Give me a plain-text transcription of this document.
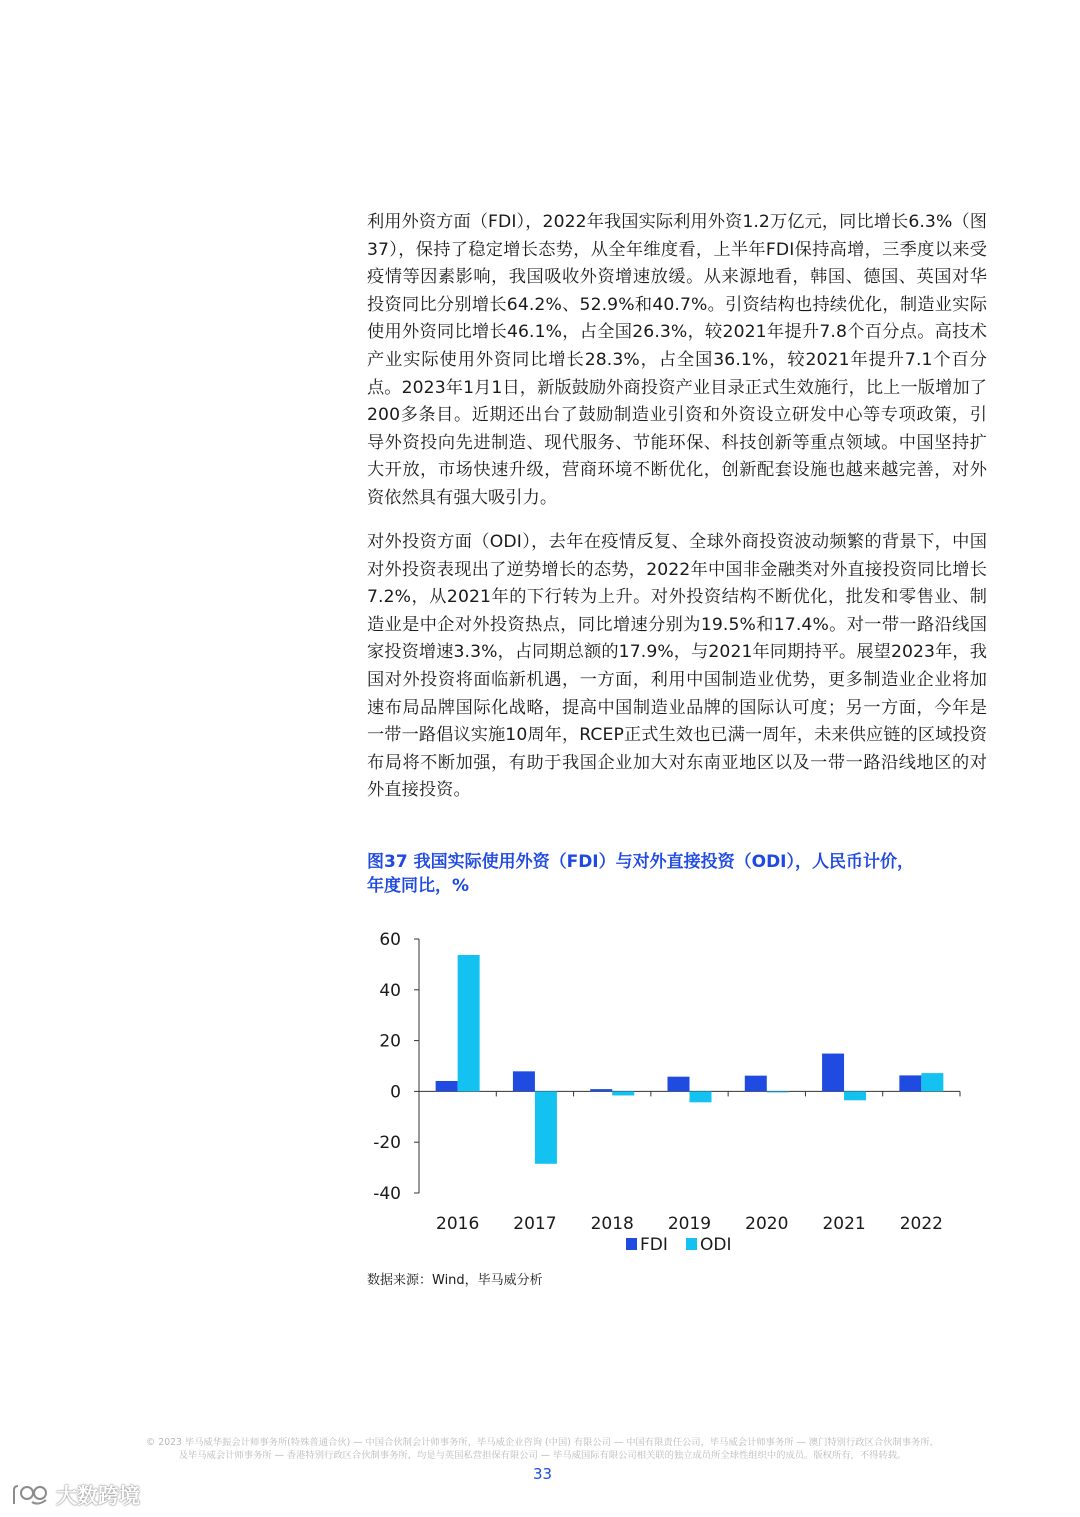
利用外资方面（FDI），2022年我国实际利用外资1.2万亿元，同比增长6.3%（图37），保持了稳定增长态势，从全年维度看，上半年FDI保持高增，三季度以来受疫情等因素影响，我国吸收外资增速放缓。从来源地看，韩国、德国、英国对华投资同比分别增长64.2%、52.9%和40.7%。引资结构也持续优化，制造业实际使用外资同比增长46.1%，占全国26.3%，较2021年提升7.8个百分点。高技术产业实际使用外资同比增长28.3%，占全国36.1%，较2021年提升7.1个百分点。2023年1月1日，新版鼓励外商投资产业目录正式生效施行，比上一版增加了200多条目。近期还出台了鼓励制造业引资和外资设立研发中心等专项政策，引导外资投向先进制造、现代服务、节能环保、科技创新等重点领域。中国坚持扩大开放，市场快速升级，营商环境不断优化，创新配套设施也越来越完善，对外资依然具有强大吸引力。

对外投资方面（ODI），去年在疫情反复、全球外商投资波动频繁的背景下，中国对外投资表现出了逆势增长的态势，2022年中国非金融类对外直接投资同比增长7.2%，从2021年的下行转为上升。对外投资结构不断优化，批发和零售业、制造业是中企对外投资热点，同比增速分别为19.5%和17.4%。对一带一路沿线国家投资增速3.3%，占同期总额的17.9%，与2021年同期持平。展望2023年，我国对外投资将面临新机遇，一方面，利用中国制造业优势，更多制造业企业将加速布局品牌国际化战略，提高中国制造业品牌的国际认可度；另一方面，今年是一带一路倡议实施10周年，RCEP正式生效也已满一周年，未来供应链的区域投资布局将不断加强，有助于我国企业加大对东南亚地区以及一带一路沿线地区的对外直接投资。

图37 我国实际使用外资（FDI）与对外直接投资（ODI），人民币计价，
年度同比，%
-40
-20
0
20
40
60
2016 2017 2018 2019 2020 2021 2022
FDI ODI
数据来源：Wind，毕马威分析
© 2023 毕马威华振会计师事务所(特殊普通合伙) — 中国合伙制会计师事务所，毕马威企业咨询 (中国) 有限公司 — 中国有限责任公司，毕马威会计师事务所 — 澳门特别行政区合伙制事务所，
及毕马威会计师事务所 — 香港特别行政区合伙制事务所，均是与英国私营担保有限公司 — 毕马威国际有限公司相关联的独立成员所全球性组织中的成员。版权所有，不得转载。
33
大数跨境
